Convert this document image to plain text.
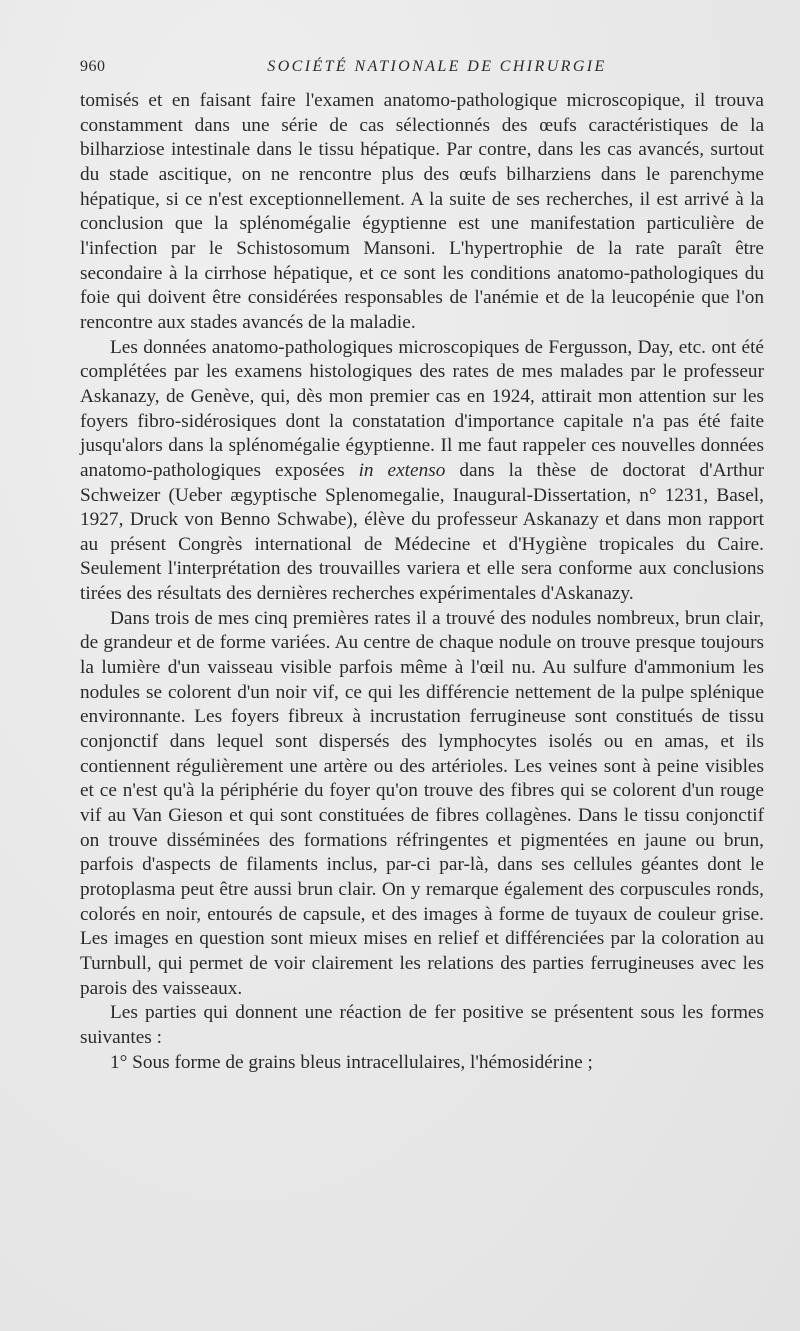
960	SOCIÉTÉ NATIONALE DE CHIRURGIE

tomisés et en faisant faire l'examen anatomo-pathologique microscopique, il trouva constamment dans une série de cas sélectionnés des œufs caractéristiques de la bilharziose intestinale dans le tissu hépatique. Par contre, dans les cas avancés, surtout du stade ascitique, on ne rencontre plus des œufs bilharziens dans le parenchyme hépatique, si ce n'est exceptionnellement. A la suite de ses recherches, il est arrivé à la conclusion que la splénomégalie égyptienne est une manifestation particulière de l'infection par le Schistosomum Mansoni. L'hypertrophie de la rate paraît être secondaire à la cirrhose hépatique, et ce sont les conditions anatomo-pathologiques du foie qui doivent être considérées responsables de l'anémie et de la leucopénie que l'on rencontre aux stades avancés de la maladie.

Les données anatomo-pathologiques microscopiques de Fergusson, Day, etc. ont été complétées par les examens histologiques des rates de mes malades par le professeur Askanazy, de Genève, qui, dès mon premier cas en 1924, attirait mon attention sur les foyers fibro-sidérosiques dont la constatation d'importance capitale n'a pas été faite jusqu'alors dans la splénomégalie égyptienne. Il me faut rappeler ces nouvelles données anatomo-pathologiques exposées in extenso dans la thèse de doctorat d'Arthur Schweizer (Ueber ægyptische Splenomegalie, Inaugural-Dissertation, n° 1231, Basel, 1927, Druck von Benno Schwabe), élève du professeur Askanazy et dans mon rapport au présent Congrès international de Médecine et d'Hygiène tropicales du Caire. Seulement l'interprétation des trouvailles variera et elle sera conforme aux conclusions tirées des résultats des dernières recherches expérimentales d'Askanazy.

Dans trois de mes cinq premières rates il a trouvé des nodules nombreux, brun clair, de grandeur et de forme variées. Au centre de chaque nodule on trouve presque toujours la lumière d'un vaisseau visible parfois même à l'œil nu. Au sulfure d'ammonium les nodules se colorent d'un noir vif, ce qui les différencie nettement de la pulpe splénique environnante. Les foyers fibreux à incrustation ferrugineuse sont constitués de tissu conjonctif dans lequel sont dispersés des lymphocytes isolés ou en amas, et ils contiennent régulièrement une artère ou des artérioles. Les veines sont à peine visibles et ce n'est qu'à la périphérie du foyer qu'on trouve des fibres qui se colorent d'un rouge vif au Van Gieson et qui sont constituées de fibres collagènes. Dans le tissu conjonctif on trouve disséminées des formations réfringentes et pigmentées en jaune ou brun, parfois d'aspects de filaments inclus, par-ci par-là, dans ses cellules géantes dont le protoplasma peut être aussi brun clair. On y remarque également des corpuscules ronds, colorés en noir, entourés de capsule, et des images à forme de tuyaux de couleur grise. Les images en question sont mieux mises en relief et différenciées par la coloration au Turnbull, qui permet de voir clairement les relations des parties ferrugineuses avec les parois des vaisseaux.

Les parties qui donnent une réaction de fer positive se présentent sous les formes suivantes :

1° Sous forme de grains bleus intracellulaires, l'hémosidérine ;
